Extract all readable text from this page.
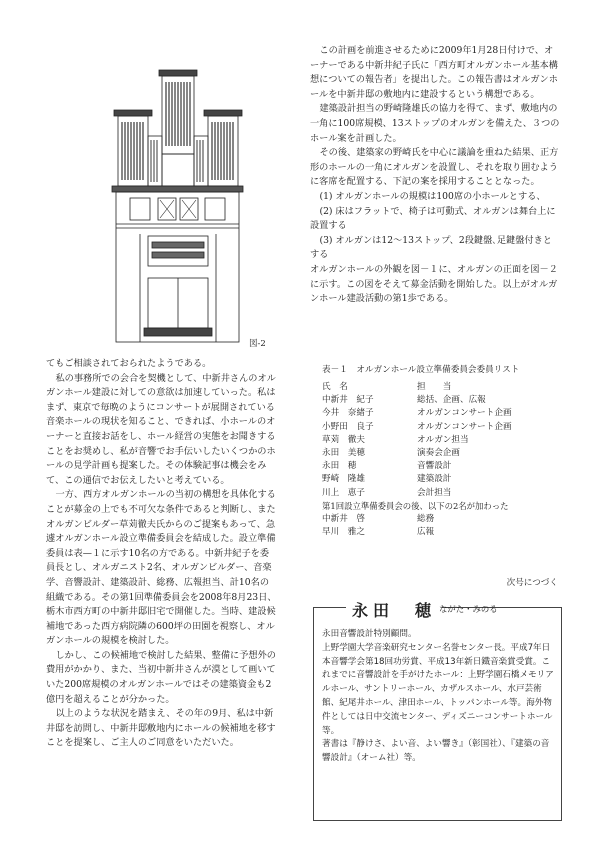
図-2

てもご相談されておられたようである。

私の事務所での会合を契機として、中新井さんのオルガンホール建設に対しての意欲は加速していった。私はまず、東京で毎晩のようにコンサートが展開されている音楽ホールの現状を知ること、できれば、小ホールのオーナーと直接お話をし、ホール経営の実態をお聞きすることをお奨めし、私が音響でお手伝いしたいくつかのホールの見学計画も提案した。その体験記事は機会をみて、この通信でお伝えしたいと考えている。

一方、西方オルガンホールの当初の構想を具体化することが募金の上でも不可欠な条件であると判断し、またオルガンビルダー草苅徹夫氏からのご提案もあって、急遽オルガンホール設立準備委員会を結成した。設立準備委員は表—１に示す10名の方である。中新井紀子を委員長とし、オルガニスト2名、オルガンビルダー、音楽学、音響設計、建築設計、総務、広報担当、計10名の組織である。その第1回準備委員会を2008年8月23日、栃木市西方町の中新井邸旧宅で開催した。当時、建設候補地であった西方病院隣の600坪の田園を視察し、オルガンホールの規模を検討した。

しかし、この候補地で検討した結果、整備に予想外の費用がかかり、また、当初中新井さんが漠として画いていた200席規模のオルガンホールではその建築資金も2億円を超えることが分かった。

以上のような状況を踏まえ、その年の9月、私は中新井邸を訪問し、中新井邸敷地内にホールの候補地を移すことを提案し、ご主人のご同意をいただいた。

この計画を前進させるために2009年1月28日付けで、オーナーである中新井紀子氏に「西方町オルガンホール基本構想についての報告者」を提出した。この報告書はオルガンホールを中新井邸の敷地内に建設するという構想である。

建築設計担当の野崎隆雄氏の協力を得て、まず、敷地内の一角に100席規模、13ストップのオルガンを備えた、３つのホール案を計画した。

その後、建築家の野崎氏を中心に議論を重ねた結果、正方形のホールの一角にオルガンを設置し、それを取り囲むように客席を配置する、下記の案を採用することとなった。

(1) オルガンホールの規模は100席の小ホールとする、

(2) 床はフラットで、椅子は可動式、オルガンは舞台上に設置する

(3) オルガンは12～13ストップ、2段鍵盤､足鍵盤付きとする

オルガンホールの外観を図－１に、オルガンの正面を図－２に示す。この図をそえて募金活動を開始した。以上がオルガンホール建設活動の第1歩である。

表－１　オルガンホール設立準備委員会委員リスト
氏　名	担　　当
中新井　紀子	総括、企画、広報
今井　奈緒子	オルガンコンサート企画
小野田　良子	オルガンコンサート企画
草苅　徹夫	オルガン担当
永田　美穂	演奏会企画
永田　穂	音響設計
野崎　隆雄	建築設計
川上　恵子	会計担当
第1回設立準備委員会の後、以下の2名が加わった	
中新井　啓	総務
早川　雅之	広報
次号につづく
永田　穂 ながた・みのる

永田音響設計特別顧問。

上野学園大学音楽研究センター名誉センター長。平成7年日本音響学会第18回功労賞、平成13年新日鐡音楽賞受賞。これまでに音響設計を手がけたホール：上野学園石橋メモリアルホール、サントリーホール、カザルスホール、水戸芸術館、紀尾井ホール、津田ホール、トッパンホール等。海外物件としては日中交流センター、ディズニーコンサートホール等。

著書は『静けさ、よい音、よい響き』（彰国社）、『建築の音響設計』（オーム社）等。
